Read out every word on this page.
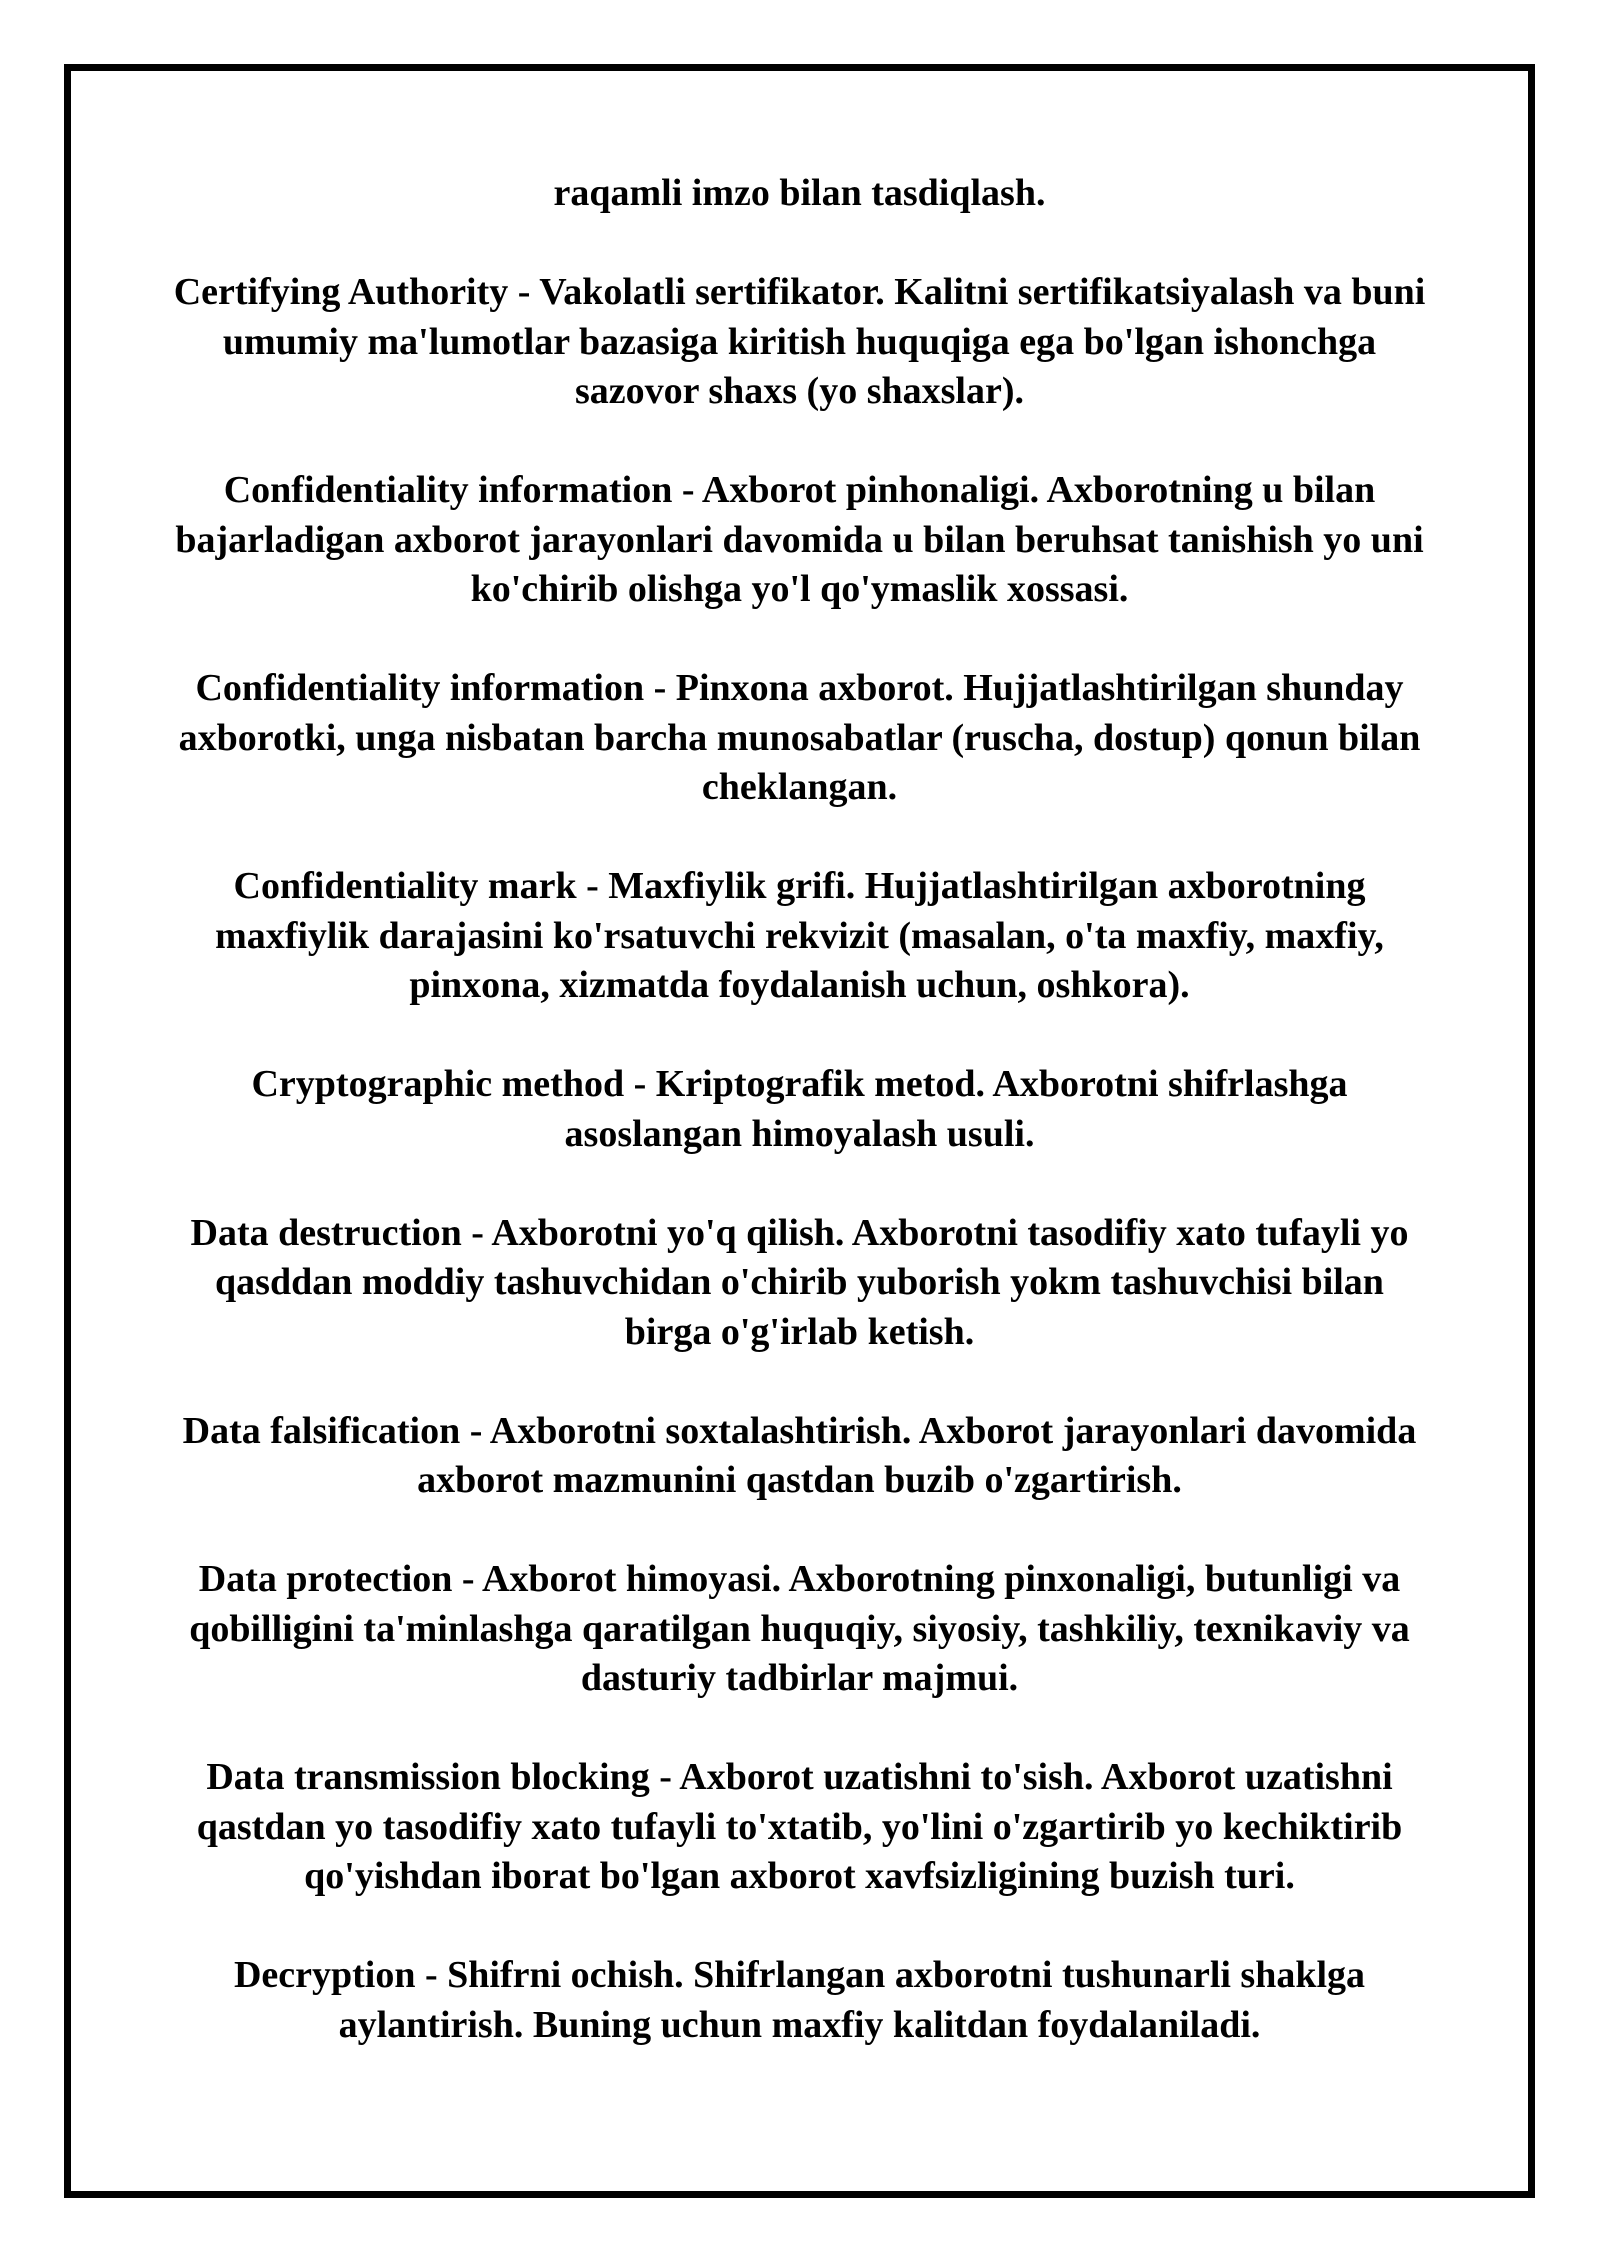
raqamli imzo bilan tasdiqlash.

Certifying Authority - Vakolatli sertifikator. Kalitni sertifikatsiyalash va buni umumiy ma'lumotlar bazasiga kiritish huquqiga ega bo'lgan ishonchga sazovor shaxs (yo shaxslar).

Confidentiality information - Axborot pinhonaligi. Axborotning u bilan bajarladigan axborot jarayonlari davomida u bilan beruhsat tanishish yo uni ko'chirib olishga yo'l qo'ymaslik xossasi.

Confidentiality information - Pinxona axborot. Hujjatlashtirilgan shunday axborotki, unga nisbatan barcha munosabatlar (ruscha, dostup) qonun bilan cheklangan.

Confidentiality mark - Maxfiylik grifi. Hujjatlashtirilgan axborotning maxfiylik darajasini ko'rsatuvchi rekvizit (masalan, o'ta maxfiy, maxfiy, pinxona, xizmatda foydalanish uchun, oshkora).

Cryptographic method - Kriptografik metod. Axborotni shifrlashga asoslangan himoyalash usuli.

Data destruction - Axborotni yo'q qilish. Axborotni tasodifiy xato tufayli yo qasddan moddiy tashuvchidan o'chirib yuborish yokm tashuvchisi bilan birga o'g'irlab ketish.

Data falsification - Axborotni soxtalashtirish. Axborot jarayonlari davomida axborot mazmunini qastdan buzib o'zgartirish.

Data protection - Axborot himoyasi. Axborotning pinxonaligi, butunligi va qobilligini ta'minlashga qaratilgan huquqiy, siyosiy, tashkiliy, texnikaviy va dasturiy tadbirlar majmui.

Data transmission blocking - Axborot uzatishni to'sish. Axborot uzatishni qastdan yo tasodifiy xato tufayli to'xtatib, yo'lini o'zgartirib yo kechiktirib qo'yishdan iborat bo'lgan axborot xavfsizligining buzish turi.

Decryption - Shifrni ochish. Shifrlangan axborotni tushunarli shaklga aylantirish. Buning uchun maxfiy kalitdan foydalaniladi.
